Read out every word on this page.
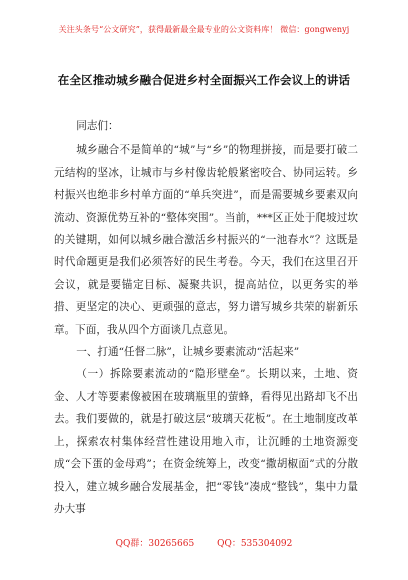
关注头条号“公文研究”，获得最新最全最专业的公文资料库！ 微信：gongwenyj
在全区推动城乡融合促进乡村全面振兴工作会议上的讲话

同志们：

城乡融合不是简单的“城”与“乡”的物理拼接，而是要打破二元结构的坚冰，让城市与乡村像齿轮般紧密咬合、协同运转。乡村振兴也绝非乡村单方面的“单兵突进”，而是需要城乡要素双向流动、资源优势互补的“整体突围”。当前，***区正处于爬坡过坎的关键期，如何以城乡融合激活乡村振兴的“一池春水”？这既是时代命题更是我们必须答好的民生考卷。今天，我们在这里召开会议，就是要锚定目标、凝聚共识，提高站位，以更务实的举措、更坚定的决心、更顽强的意志，努力谱写城乡共荣的崭新乐章。下面，我从四个方面谈几点意见。

一、打通“任督二脉”，让城乡要素流动“活起来”

（一）拆除要素流动的“隐形壁垒”。长期以来，土地、资金、人才等要素像被困在玻璃瓶里的萤蜂，看得见出路却飞不出去。我们要做的，就是打破这层“玻璃天花板”。在土地制度改革上，探索农村集体经营性建设用地入市，让沉睡的土地资源变成“会下蛋的金母鸡”；在资金统筹上，改变“撒胡椒面”式的分散投入，建立城乡融合发展基金，把“零钱”凑成“整钱”，集中力量办大事

QQ群：30265665	QQ：535304092
